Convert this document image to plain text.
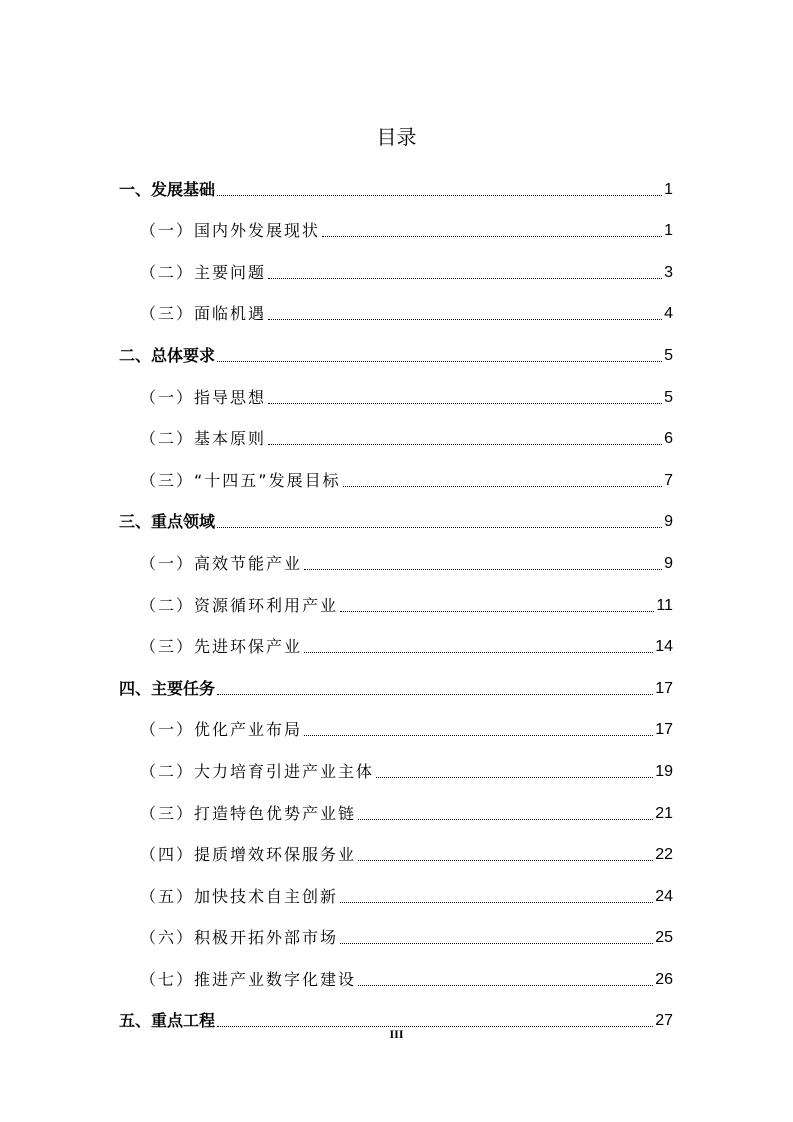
目录
一、发展基础	1
（一）国内外发展现状	1
（二）主要问题	3
（三）面临机遇	4
二、总体要求	5
（一）指导思想	5
（二）基本原则	6
（三）“十四五”发展目标	7
三、重点领域	9
（一）高效节能产业	9
（二）资源循环利用产业	11
（三）先进环保产业	14
四、主要任务	17
（一）优化产业布局	17
（二）大力培育引进产业主体	19
（三）打造特色优势产业链	21
（四）提质增效环保服务业	22
（五）加快技术自主创新	24
（六）积极开拓外部市场	25
（七）推进产业数字化建设	26
五、重点工程	27
III
